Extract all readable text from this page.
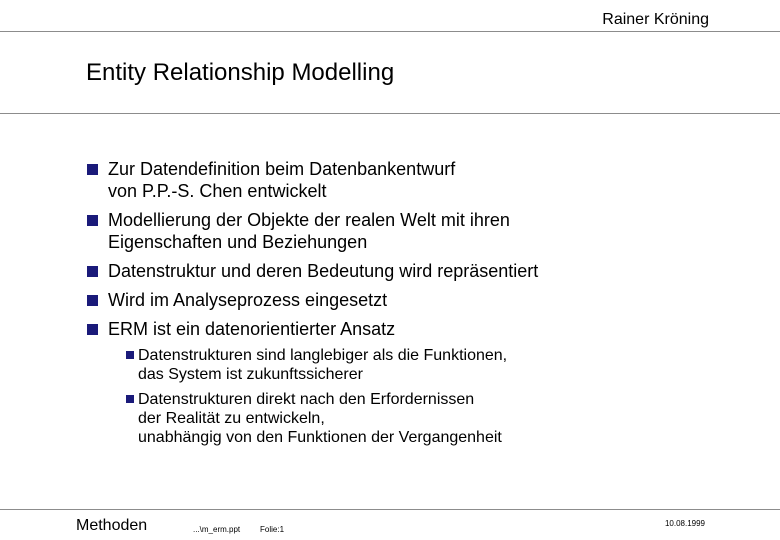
Rainer Kröning
Entity Relationship Modelling
Zur Datendefinition beim Datenbankentwurf
von P.P.-S. Chen entwickelt
Modellierung der Objekte der realen Welt mit ihren
Eigenschaften und Beziehungen
Datenstruktur und deren Bedeutung wird repräsentiert
Wird im Analyseprozess eingesetzt
ERM ist ein datenorientierter Ansatz
Datenstrukturen sind langlebiger als die Funktionen,
das System ist zukunftssicherer
Datenstrukturen direkt nach den Erfordernissen
der Realität zu entwickeln,
unabhängig von den Funktionen der Vergangenheit
Methoden	...\m_erm.ppt Folie:1
10.08.1999
